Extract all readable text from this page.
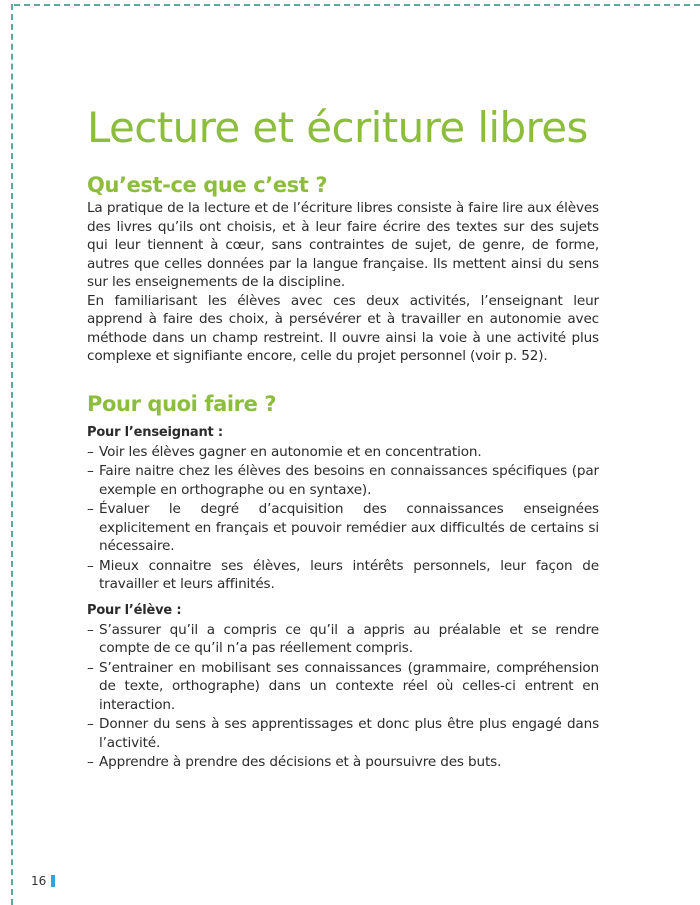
Lecture et écriture libres
Qu’est-ce que c’est ?

La pratique de la lecture et de l’écriture libres consiste à faire lire aux élèves des livres qu’ils ont choisis, et à leur faire écrire des textes sur des sujets qui leur tiennent à cœur, sans contraintes de sujet, de genre, de forme, autres que celles données par la langue française. Ils mettent ainsi du sens sur les enseignements de la discipline.

En familiarisant les élèves avec ces deux activités, l’enseignant leur apprend à faire des choix, à persévérer et à travailler en autonomie avec méthode dans un champ restreint. Il ouvre ainsi la voie à une activité plus complexe et signifiante encore, celle du projet personnel (voir p. 52).

Pour quoi faire ?

Pour l’enseignant :

– Voir les élèves gagner en autonomie et en concentration.
– Faire naitre chez les élèves des besoins en connaissances spécifiques (par exemple en orthographe ou en syntaxe).
– Évaluer le degré d’acquisition des connaissances enseignées explicitement en français et pouvoir remédier aux difficultés de certains si nécessaire.
– Mieux connaitre ses élèves, leurs intérêts personnels, leur façon de travailler et leurs affinités.

Pour l’élève :

– S’assurer qu’il a compris ce qu’il a appris au préalable et se rendre compte de ce qu’il n’a pas réellement compris.
– S’entrainer en mobilisant ses connaissances (grammaire, compréhension de texte, orthographe) dans un contexte réel où celles-ci entrent en interaction.
– Donner du sens à ses apprentissages et donc plus être plus engagé dans l’activité.
– Apprendre à prendre des décisions et à poursuivre des buts.
16
